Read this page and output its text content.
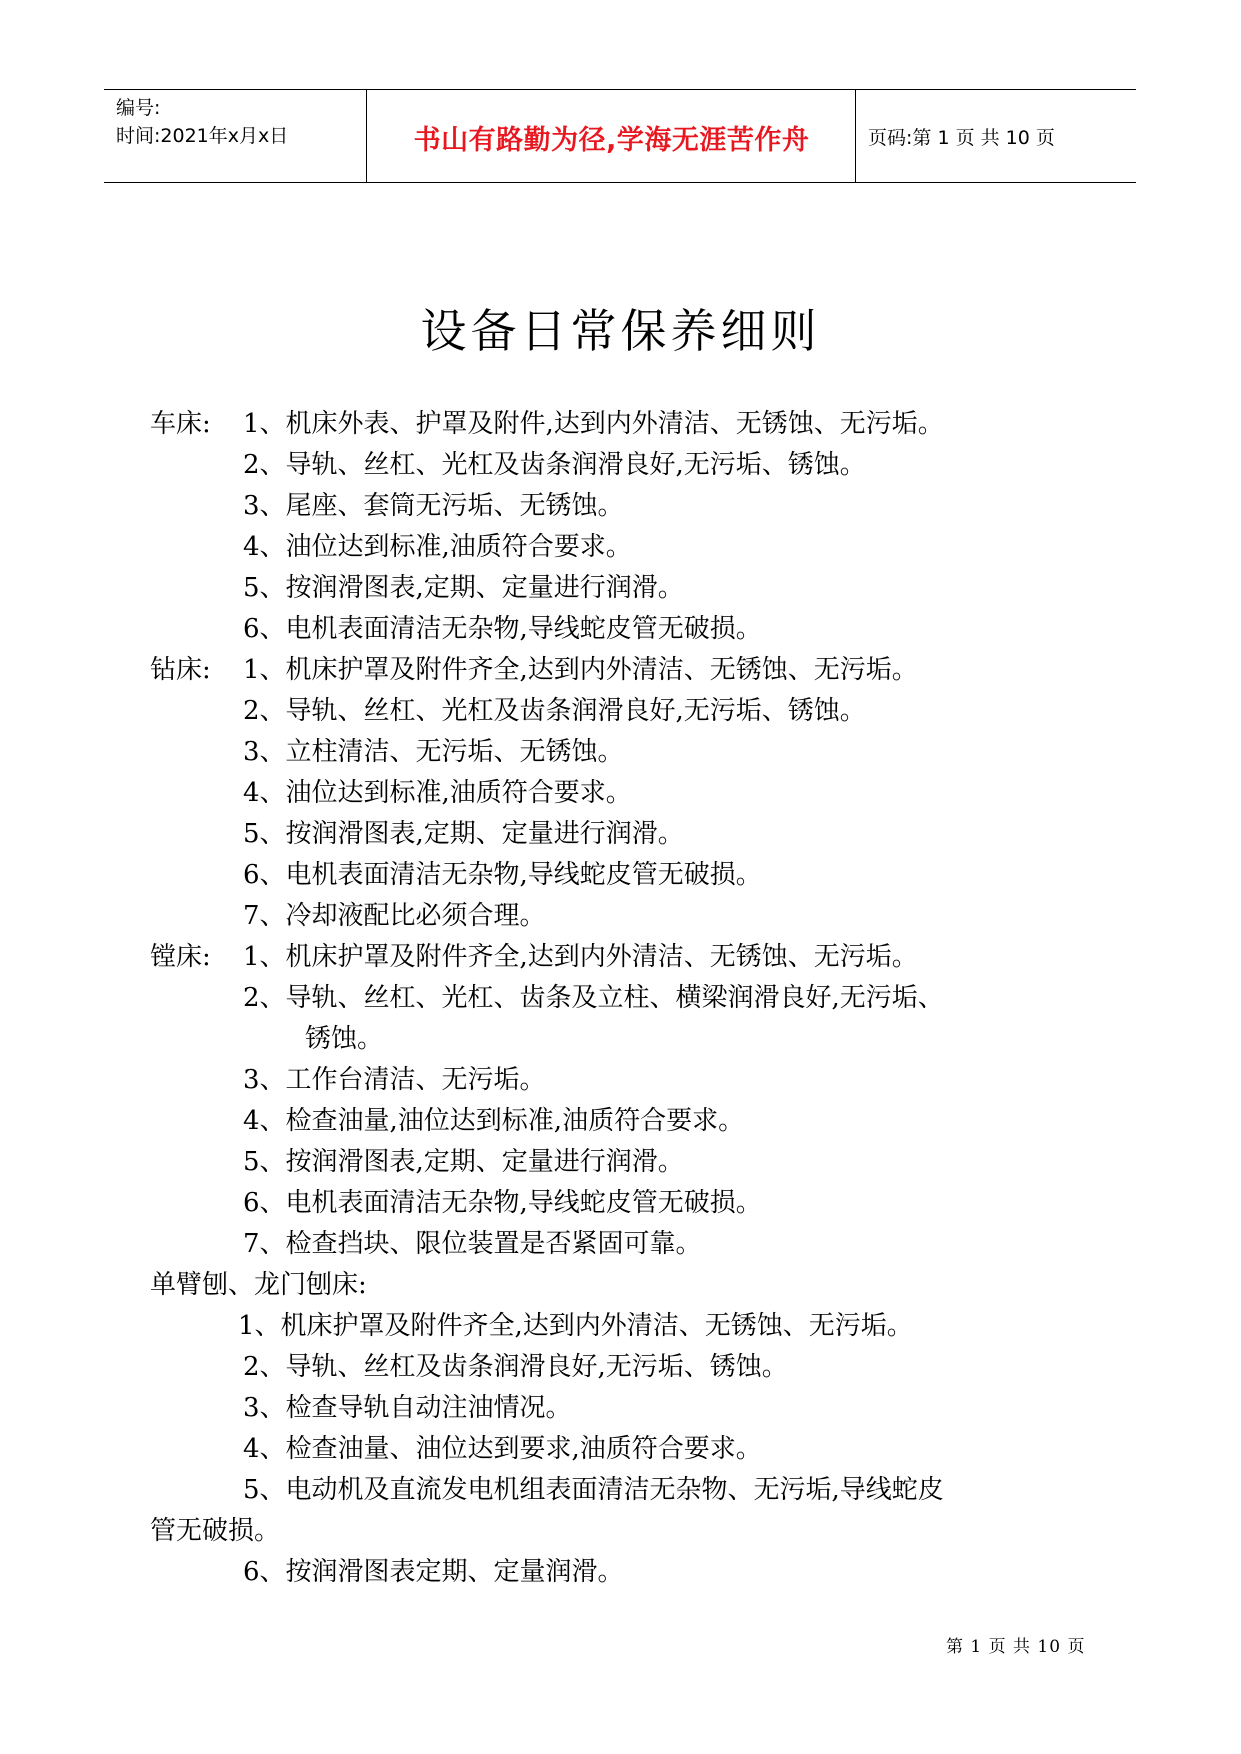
编号:
时间:2021年x月x日	书山有路勤为径,学海无涯苦作舟	页码:第 1 页 共 10 页
设备日常保养细则
车床: 1、机床外表、护罩及附件,达到内外清洁、无锈蚀、无污垢。
2、导轨、丝杠、光杠及齿条润滑良好,无污垢、锈蚀。
3、尾座、套筒无污垢、无锈蚀。
4、油位达到标准,油质符合要求。
5、按润滑图表,定期、定量进行润滑。
6、电机表面清洁无杂物,导线蛇皮管无破损。
钻床: 1、机床护罩及附件齐全,达到内外清洁、无锈蚀、无污垢。
2、导轨、丝杠、光杠及齿条润滑良好,无污垢、锈蚀。
3、立柱清洁、无污垢、无锈蚀。
4、油位达到标准,油质符合要求。
5、按润滑图表,定期、定量进行润滑。
6、电机表面清洁无杂物,导线蛇皮管无破损。
7、冷却液配比必须合理。
镗床: 1、机床护罩及附件齐全,达到内外清洁、无锈蚀、无污垢。
2、导轨、丝杠、光杠、齿条及立柱、横梁润滑良好,无污垢、
锈蚀。
3、工作台清洁、无污垢。
4、检查油量,油位达到标准,油质符合要求。
5、按润滑图表,定期、定量进行润滑。
6、电机表面清洁无杂物,导线蛇皮管无破损。
7、检查挡块、限位装置是否紧固可靠。
单臂刨、龙门刨床:
1、机床护罩及附件齐全,达到内外清洁、无锈蚀、无污垢。
2、导轨、丝杠及齿条润滑良好,无污垢、锈蚀。
3、检查导轨自动注油情况。
4、检查油量、油位达到要求,油质符合要求。
5、电动机及直流发电机组表面清洁无杂物、无污垢,导线蛇皮
管无破损。
6、按润滑图表定期、定量润滑。
第 1 页 共 10 页
